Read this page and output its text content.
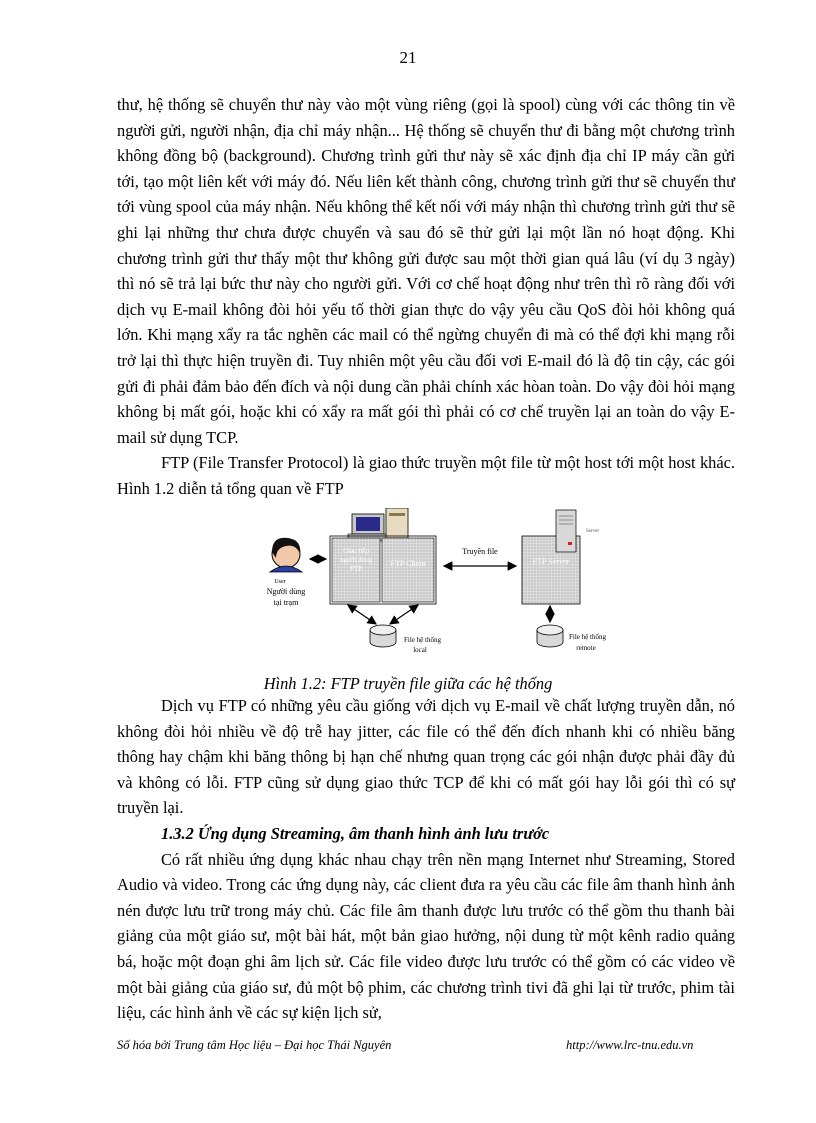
21

thư, hệ thống sẽ chuyển thư này vào một vùng riêng (gọi là spool) cùng với các thông tin về người gửi, người nhận, địa chỉ máy nhận... Hệ thống sẽ chuyển thư đi bằng một chương trình không đồng bộ (background). Chương trình gửi thư này sẽ xác định địa chỉ IP máy cần gửi tới, tạo một liên kết với máy đó. Nếu liên kết thành công, chương trình gửi thư sẽ chuyển thư tới vùng spool của máy nhận. Nếu không thể kết nối với máy nhận thì chương trình gửi thư sẽ ghi lại những thư chưa được chuyển và sau đó sẽ thử gửi lại một lần nó hoạt động. Khi chương trình gửi thư thấy một thư không gửi được sau một thời gian quá lâu (ví dụ 3 ngày) thì nó sẽ trả lại bức thư này cho người gửi. Với cơ chế hoạt động như trên thì rõ ràng đối với dịch vụ E-mail không đòi hỏi yếu tố thời gian thực do vậy yêu cầu QoS đòi hỏi không quá lớn. Khi mạng xẩy ra tắc nghẽn các mail có thể ngừng chuyển đi mà có thể đợi khi mạng rỗi trở lại thì thực hiện truyền đi. Tuy nhiên một yêu cầu đối vơi E-mail đó là độ tin cậy, các gói gửi đi phải đảm bảo đến đích và nội dung cần phải chính xác hòan toàn. Do vậy đòi hỏi mạng không bị mất gói, hoặc khi có xẩy ra mất gói thì phải có cơ chế truyền lại an toàn do vậy E-mail sử dụng TCP.

FTP (File Transfer Protocol) là giao thức truyền một file từ một host tới một host khác. Hình 1.2 diễn tả tổng quan về FTP

User
Người dùng
tại trạm
Giao tiếp
người dùng
FTP
FTP Client
Truyền file
FTP Server
Server
File hệ thống
local
File hệ thống
remote
Hình 1.2: FTP truyền file giữa các hệ thống

Dịch vụ FTP có những yêu cầu giống với dịch vụ E-mail về chất lượng truyền dẫn, nó không đòi hỏi nhiều về độ trễ hay jitter, các file có thể đến đích nhanh khi có nhiều băng thông hay chậm khi băng thông bị hạn chế nhưng quan trọng các gói nhận được phải đầy đủ và không có lỗi. FTP cũng sử dụng giao thức TCP để khi có mất gói hay lỗi gói thì có sự truyền lại.

1.3.2 Ứng dụng Streaming, âm thanh hình ảnh lưu trước

Có rất nhiều ứng dụng khác nhau chạy trên nền mạng Internet như Streaming, Stored Audio và video. Trong các ứng dụng này, các client đưa ra yêu cầu các file âm thanh hình ảnh nén được lưu trữ trong máy chủ. Các file âm thanh được lưu trước có thể gồm thu thanh bài giảng của một giáo sư, một bài hát, một bản giao hưởng, nội dung từ một kênh radio quảng bá, hoặc một đoạn ghi âm lịch sử. Các file video được lưu trước có thể gồm có các video về một bài giảng của giáo sư, đủ một bộ phim, các chương trình tivi đã ghi lại từ trước, phim tài liệu, các hình ảnh về các sự kiện lịch sử,

Số hóa bởi Trung tâm Học liệu – Đại học Thái Nguyên	http://www.lrc-tnu.edu.vn
